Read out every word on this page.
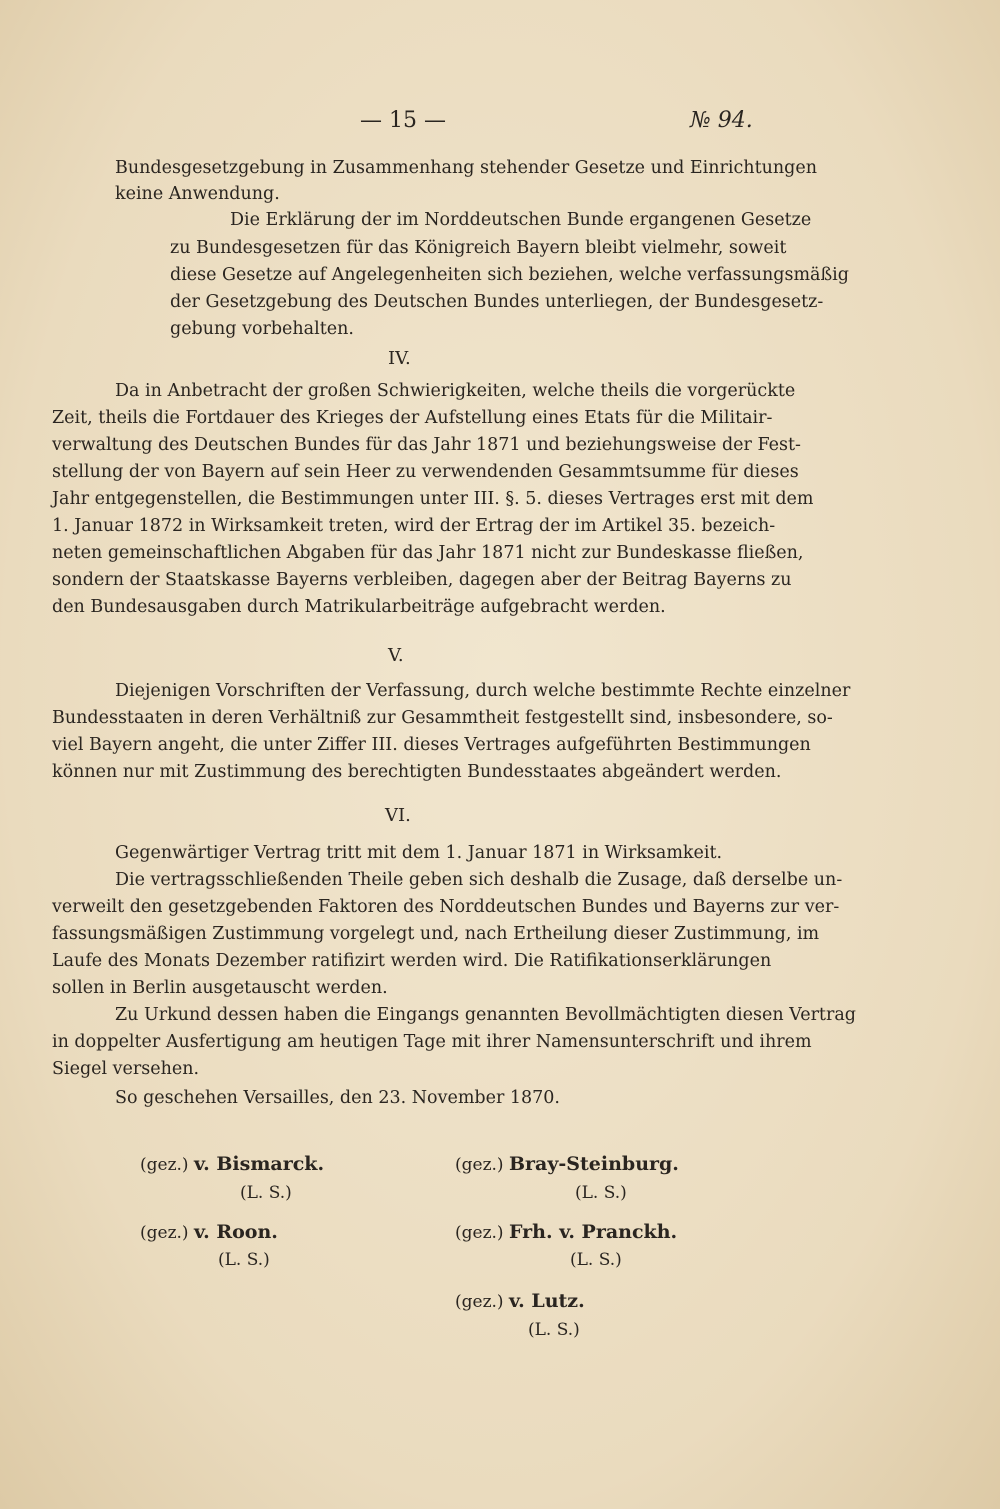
— 15 —	№ 94.
Bundesgesetzgebung in Zusammenhang stehender Gesetze und Einrichtungen
keine Anwendung.
Die Erklärung der im Norddeutschen Bunde ergangenen Gesetze
zu Bundesgesetzen für das Königreich Bayern bleibt vielmehr, soweit
diese Gesetze auf Angelegenheiten sich beziehen, welche verfassungsmäßig
der Gesetzgebung des Deutschen Bundes unterliegen, der Bundesgesetz-
gebung vorbehalten.
IV.
Da in Anbetracht der großen Schwierigkeiten, welche theils die vorgerückte
Zeit, theils die Fortdauer des Krieges der Aufstellung eines Etats für die Militair-
verwaltung des Deutschen Bundes für das Jahr 1871 und beziehungsweise der Fest-
stellung der von Bayern auf sein Heer zu verwendenden Gesammtsumme für dieses
Jahr entgegenstellen, die Bestimmungen unter III. §. 5. dieses Vertrages erst mit dem
1. Januar 1872 in Wirksamkeit treten, wird der Ertrag der im Artikel 35. bezeich-
neten gemeinschaftlichen Abgaben für das Jahr 1871 nicht zur Bundeskasse fließen,
sondern der Staatskasse Bayerns verbleiben, dagegen aber der Beitrag Bayerns zu
den Bundesausgaben durch Matrikularbeiträge aufgebracht werden.
V.
Diejenigen Vorschriften der Verfassung, durch welche bestimmte Rechte einzelner
Bundesstaaten in deren Verhältniß zur Gesammtheit festgestellt sind, insbesondere, so-
viel Bayern angeht, die unter Ziffer III. dieses Vertrages aufgeführten Bestimmungen
können nur mit Zustimmung des berechtigten Bundesstaates abgeändert werden.
VI.
Gegenwärtiger Vertrag tritt mit dem 1. Januar 1871 in Wirksamkeit.
Die vertragsschließenden Theile geben sich deshalb die Zusage, daß derselbe un-
verweilt den gesetzgebenden Faktoren des Norddeutschen Bundes und Bayerns zur ver-
fassungsmäßigen Zustimmung vorgelegt und, nach Ertheilung dieser Zustimmung, im
Laufe des Monats Dezember ratifizirt werden wird. Die Ratifikationserklärungen
sollen in Berlin ausgetauscht werden.
Zu Urkund dessen haben die Eingangs genannten Bevollmächtigten diesen Vertrag
in doppelter Ausfertigung am heutigen Tage mit ihrer Namensunterschrift und ihrem
Siegel versehen.
So geschehen Versailles, den 23. November 1870.
(gez.) v. Bismarck.
(L. S.)
(gez.) Bray-Steinburg.
(L. S.)
(gez.) v. Roon.
(L. S.)
(gez.) Frh. v. Pranckh.
(L. S.)
(gez.) v. Lutz.
(L. S.)
